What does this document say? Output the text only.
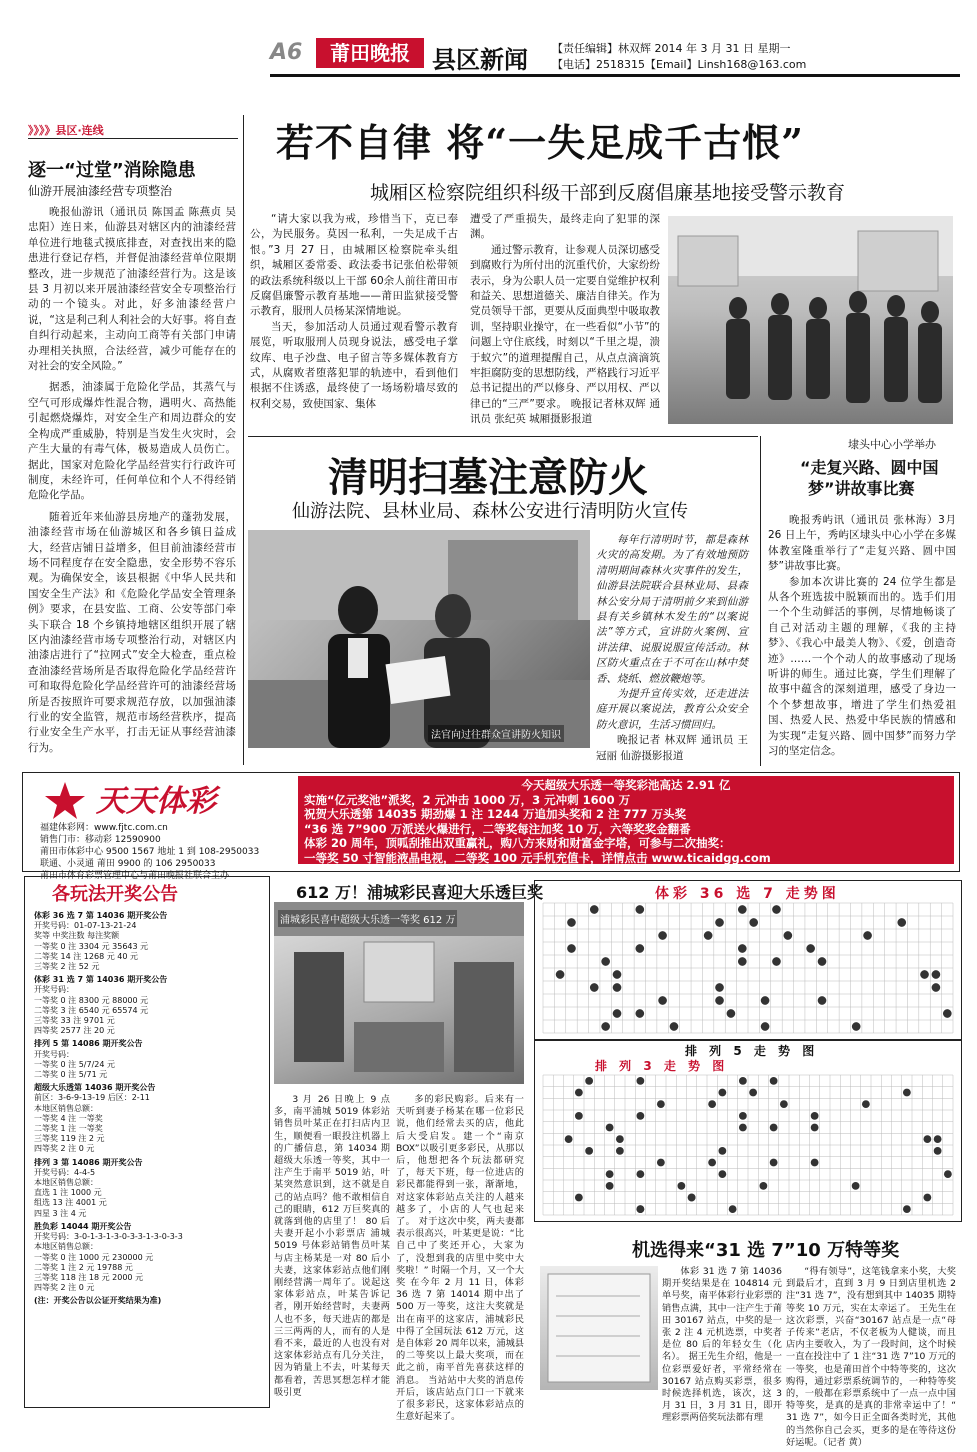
A6	莆田晚报 县区新闻 【责任编辑】林双辉 2014 年 3 月 31 日 星期一
【电话】2518315【Email】Linsh168@163.com
》》》》县区·连线
逐一“过堂”消除隐患
仙游开展油漆经营专项整治

晚报仙游讯（通讯员 陈国孟 陈燕贞 吴忠阳）连日来，仙游县对辖区内的油漆经营单位进行地毯式摸底排查，对查找出来的隐患进行登记存档，并督促油漆经营单位限期整改，进一步规范了油漆经营行为。这是该县 3 月初以来开展油漆经营安全专项整治行动的一个镜头。对此，好多油漆经营户说，“这是利己利人利社会的大好事。将自查自纠行动起来，主动向工商等有关部门申请办理相关执照，合法经营，减少可能存在的对社会的安全风险。”

据悉，油漆属于危险化学品，其蒸气与空气可形成爆炸性混合物，遇明火、高热能引起燃烧爆炸，对安全生产和周边群众的安全构成严重威胁，特别是当发生火灾时，会产生大量的有毒气体，极易造成人员伤亡。据此，国家对危险化学品经营实行行政许可制度，未经许可，任何单位和个人不得经销危险化学品。

随着近年来仙游县房地产的蓬勃发展，油漆经营市场在仙游城区和各乡镇日益成大，经营店铺日益增多，但目前油漆经营市场不同程度存在安全隐患，安全形势不容乐观。为确保安全，该县根据《中华人民共和国安全生产法》和《危险化学品安全管理条例》要求，在县安监、工商、公安等部门牵头下联合 18 个乡镇持地辖区组织开展了辖区内油漆经营市场专项整治行动，对辖区内油漆店进行了“拉网式”安全大检查，重点检查油漆经营场所是否取得危险化学品经营许可和取得危险化学品经营许可的油漆经营场所是否按照许可要求规范存放，以加强油漆行业的安全监管，规范市场经营秩序，提高行业安全生产水平，打击无证从事经营油漆行为。

若不自律 将“一失足成千古恨”
城厢区检察院组织科级干部到反腐倡廉基地接受警示教育

“请大家以我为戒，珍惜当下，克已奉公，为民服务。莫因一私利，一失足成千古恨。”3 月 27 日，由城厢区检察院牵头组织，城厢区委常委、政法委书记张伯松带领的政法系统科级以上干部 60余人前往莆田市反腐倡廉警示教育基地——莆田监狱接受警示教育，服刑人员杨某深情地说。

当天，参加活动人员通过观看警示教育展览，听取服刑人员现身说法，感受电子掌纹库、电子沙盘、电子留言等多媒体教育方式，从腐败者堕落犯罪的轨迹中，看到他们根据不住诱惑，最终使了一场场粉墙尽致的权利交易，致使国家、集体

遭受了严重损失，最终走向了犯罪的深渊。

通过警示教育，让参观人员深切感受到腐败行为所付出的沉重代价，大家纷纷表示，身为公职人员一定要自觉维护权利和益关、思想道德关、廉洁自律关。作为党员领导干部，更要从反面典型中吸取教训，坚持职业操守，在一些看似“小节”的问题上守住底线，时刻以“千里之堤，溃于蚁穴”的道理提醒自己，从点点滴滴筑牢拒腐防变的思想防线，严格践行习近平总书记提出的严以修身、严以用权、严以律已的“三严”要求。 晚报记者林双辉 通讯员 张纪英 城厢摄影报道

清明扫墓注意防火
仙游法院、县林业局、森林公安进行清明防火宣传
法官向过往群众宣讲防火知识
每年行清明时节，都是森林火灾的高发期。为了有效地预防清明期间森林火灾事件的发生，仙游县法院联合县林业局、县森林公安分局于清明前夕来到仙游县有关乡镇林木发生的“以案说法”等方式，宣讲防火案例、宣讲法律、说服说服宣传活动。林区防火重点在于不可在山林中焚香、烧纸、燃放鞭炮等。
为提升宣传实效，还走进法庭开展以案说法，教育公众安全防火意识，生活习惯回归。
晚报记者 林双辉 通讯员 王冠丽 仙游摄影报道
埭头中心小学举办
“走复兴路、圆中国
梦”讲故事比赛

晚报秀屿讯（通讯员 张林海）3月 26 日上午，秀屿区埭头中心小学在多媒体教室隆重举行了“走复兴路、圆中国梦”讲故事比赛。

参加本次讲比赛的 24 位学生都是从各个班选拔中脱颖而出的。选手们用一个个生动鲜活的事例，尽情地畅谈了自己对活动主题的理解，《我的主持梦》、《我心中最美人物》、《爱，创造奇迹》……一个个动人的故事感动了现场听讲的师生。通过比赛，学生们理解了故事中蕴含的深刻道理，感受了身边一个个梦想故事，增进了学生们热爱祖国、热爱人民、热爱中华民族的情感和为实现“走复兴路、圆中国梦”而努力学习的坚定信念。

天天体彩
福建体彩网：www.fjtc.com.cn
销售门市：移动彩 12590900
莆田市体彩中心 9500 1567 地址 1 到 108-2950033
联通、小灵通 莆田 9900 的 106 2950033
莆田市体育彩票管理中心与莆田晚报社联合主办
今天超级大乐透一等奖彩池高达 2.91 亿
实施“亿元奖池”派奖，2 元冲击 1000 万，3 元冲刺 1600 万
祝贺大乐透第 14035 期劲爆 1 注 1244 万追加头奖和 2 注 777 万头奖
“36 选 7”900 万派送火爆进行，二等奖每注加奖 10 万，六等奖奖金翻番
体彩 20 周年，顶呱刮推出双重赢礼，购八方来财和财富金字塔，可参与二次抽奖：
一等奖 50 寸智能液晶电视，二等奖 100 元手机充值卡，详情点击 www.ticaidgg.com
各玩法开奖公告
体彩 36 选 7 第 14036 期开奖公告
开奖号码：01-07-13-21-24
奖等 中奖注数 每注奖额
一等奖 0 注 3304 元 35643 元
二等奖 14 注 1268 元 40 元
三等奖 2 注 52 元
体彩 31 选 7 第 14036 期开奖公告
开奖号码：
一等奖 0 注 8300 元 88000 元
二等奖 3 注 6540 元 65574 元
三等奖 33 注 9701 元
四等奖 2577 注 20 元
排列 5 第 14086 期开奖公告
开奖号码：
一等奖 0 注 5/7/24 元
二等奖 0 注 5/71 元
超级大乐透第 14036 期开奖公告
前区：3-6-9-13-19 后区：2-11
本地区销售总额：
一等奖 4 注 一等奖
二等奖 1 注 一等奖
三等奖 119 注 2 元
四等奖 2 注 0 元
排列 3 第 14086 期开奖公告
开奖号码：4-4-5
本地区销售总额：
直选 1 注 1000 元
组选 13 注 4001 元
四星 3 注 4 元
胜负彩 14044 期开奖公告
开奖号码：3-0-1-3-1-3-0-3-3-1-3-0-3-3
本地区销售总额：
一等奖 0 注 1000 元 230000 元
二等奖 1 注 2 元 19788 元
三等奖 118 注 18 元 2000 元
四等奖 2 注 0 元
(注：开奖公告以公证开奖结果为准)
612 万！浦城彩民喜迎大乐透巨奖
浦城彩民喜中超级大乐透一等奖 612 万

3 月 26 日晚上 9 点多，南平浦城 5019 体彩站销售员叶某正在打扫店内卫生，顺便看一眼投注机器上的广播信息，第 14034 期超级大乐透一等奖，其中一注产生于南平 5019 站，叶某突然意识到，这不就是自己的站点吗？他不敢相信自己的眼睛，612 万巨奖真的就落到他的店里了！ 80 后夫妻开起小小彩票店 浦城 5019 号体彩站销售员叶某与店主杨某是一对 80 后小夫妻，这家体彩站点他们刚刚经营满一周年了。说起这家体彩站点，叶某告诉记者，刚开始经营时，夫妻两人也不多，每天进店的都是三三两两的人，而有的人是看不来，最近的人也没有对这家体彩站点有几分关注，因为销量上不去，叶某每天都看着，苦思冥想怎样才能吸引更

多的彩民购彩。后来有一天听到妻子杨某在哪一位彩民说，他们经常去买的店，他此后大受启发。建一个“南京 BOX”以吸引更多彩民，从那以后，他想把各个玩法都研究了，每天下班，每一位进店的彩民都能得到一张，渐渐地，对这家体彩站点关注的人越来越多了，小店的人气也起来了。 对于这次中奖，两夫妻都表示很高兴，叶某更是说：“比自己中了奖还开心，大家为了，没想到我的店里中奖中大奖啦！” 时隔一个月，又一个大奖 在今年 2 月 11 日，体彩 36 选 7 第 14014 期中出了 500 万一等奖，这注大奖就是出在南平的这家店，浦城彩民中得了全国玩法 612 万元，这是自体彩 20 周年以来，浦城县的二等奖以上最大奖项，而在此之前，南平首先喜获这样的消息。 当站站中大奖的消息传开后，该店站点门口一下就来了很多彩民，这家体彩站点的生意好起来了。

体彩 36 选 7 走势图
排 列 5 走 势 图
排 列 3 走 势 图
机选得来“31 选 7”10 万特等奖

体彩 31 选 7 第 14036 期开奖结果是在 104814 元单号奖，南平体彩行业彩票的销售点满，其中一注产生于莆田 30167 站点，中奖的是一张 2 注 4 元机选票，中奖者是位 80 后的年轻女生（化名）。 据王先生介绍，他是一位彩票爱好者，平常经常在 30167 站点购买彩票，很多时候选择机选，该次，这 3 月 31 日，3 月 31 日，即开理彩票两倍奖玩法都有理

“得有领导”，这笔钱拿来小奖，大奖到最后才，直到 3 月 9 日到店里机选 2 注“31 选 7”，没有想到其中 14035 期特等奖 10 万元，实在太幸运了。 王先生在这次彩票，兴奋“30167 站点是一点“母子传来”老店，不仅老板为人健谈，而且店内主要收入，为了一段时间，这个时候一直在投注中了 1 注“31 选 7”10 万元的一等奖，也是莆田首个中特等奖的，这次购得，通过彩票系统调节的，一种特等奖的，一般都在彩票系统中了一点一点中国特等奖，是真的是真的非常幸运中了！“ 31 选 7”，如今日正全面各类时光，其他的当然你自己会买，更多的是在等待这份好运呢。（记者 黄）
